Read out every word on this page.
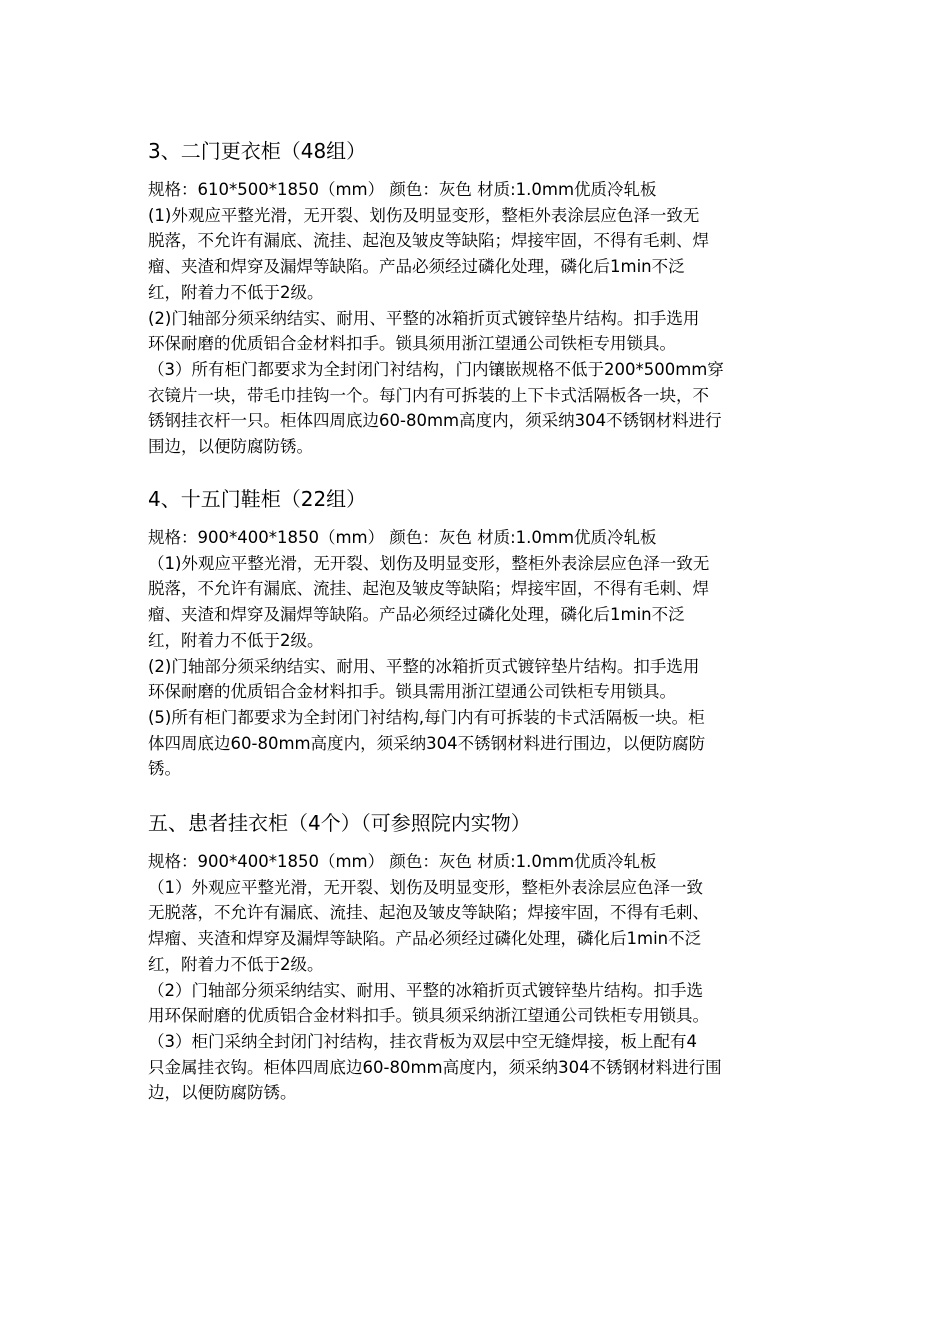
3、二门更衣柜（48组）

规格：610*500*1850（mm） 颜色：灰色 材质:1.0mm优质冷轧板

(1)外观应平整光滑，无开裂、划伤及明显变形，整柜外表涂层应色泽一致无

脱落，不允许有漏底、流挂、起泡及皱皮等缺陷；焊接牢固，不得有毛刺、焊

瘤、夹渣和焊穿及漏焊等缺陷。产品必须经过磷化处理，磷化后1min不泛

红，附着力不低于2级。

(2)门轴部分须采纳结实、耐用、平整的冰箱折页式镀锌垫片结构。扣手选用

环保耐磨的优质铝合金材料扣手。锁具须用浙江望通公司铁柜专用锁具。

（3）所有柜门都要求为全封闭门衬结构，门内镶嵌规格不低于200*500mm穿

衣镜片一块，带毛巾挂钩一个。每门内有可拆装的上下卡式活隔板各一块，不

锈钢挂衣杆一只。柜体四周底边60-80mm高度内，须采纳304不锈钢材料进行

围边，以便防腐防锈。

4、十五门鞋柜（22组）

规格：900*400*1850（mm） 颜色：灰色 材质:1.0mm优质冷轧板

（1)外观应平整光滑，无开裂、划伤及明显变形，整柜外表涂层应色泽一致无

脱落，不允许有漏底、流挂、起泡及皱皮等缺陷；焊接牢固，不得有毛刺、焊

瘤、夹渣和焊穿及漏焊等缺陷。产品必须经过磷化处理，磷化后1min不泛

红，附着力不低于2级。

(2)门轴部分须采纳结实、耐用、平整的冰箱折页式镀锌垫片结构。扣手选用

环保耐磨的优质铝合金材料扣手。锁具需用浙江望通公司铁柜专用锁具。

(5)所有柜门都要求为全封闭门衬结构,每门内有可拆装的卡式活隔板一块。柜

体四周底边60-80mm高度内，须采纳304不锈钢材料进行围边，以便防腐防

锈。

五、患者挂衣柜（4个）（可参照院内实物）

规格：900*400*1850（mm） 颜色：灰色 材质:1.0mm优质冷轧板

（1）外观应平整光滑，无开裂、划伤及明显变形，整柜外表涂层应色泽一致

无脱落，不允许有漏底、流挂、起泡及皱皮等缺陷；焊接牢固，不得有毛刺、

焊瘤、夹渣和焊穿及漏焊等缺陷。产品必须经过磷化处理，磷化后1min不泛

红，附着力不低于2级。

（2）门轴部分须采纳结实、耐用、平整的冰箱折页式镀锌垫片结构。扣手选

用环保耐磨的优质铝合金材料扣手。锁具须采纳浙江望通公司铁柜专用锁具。

（3）柜门采纳全封闭门衬结构，挂衣背板为双层中空无缝焊接，板上配有4

只金属挂衣钩。柜体四周底边60-80mm高度内，须采纳304不锈钢材料进行围

边，以便防腐防锈。
